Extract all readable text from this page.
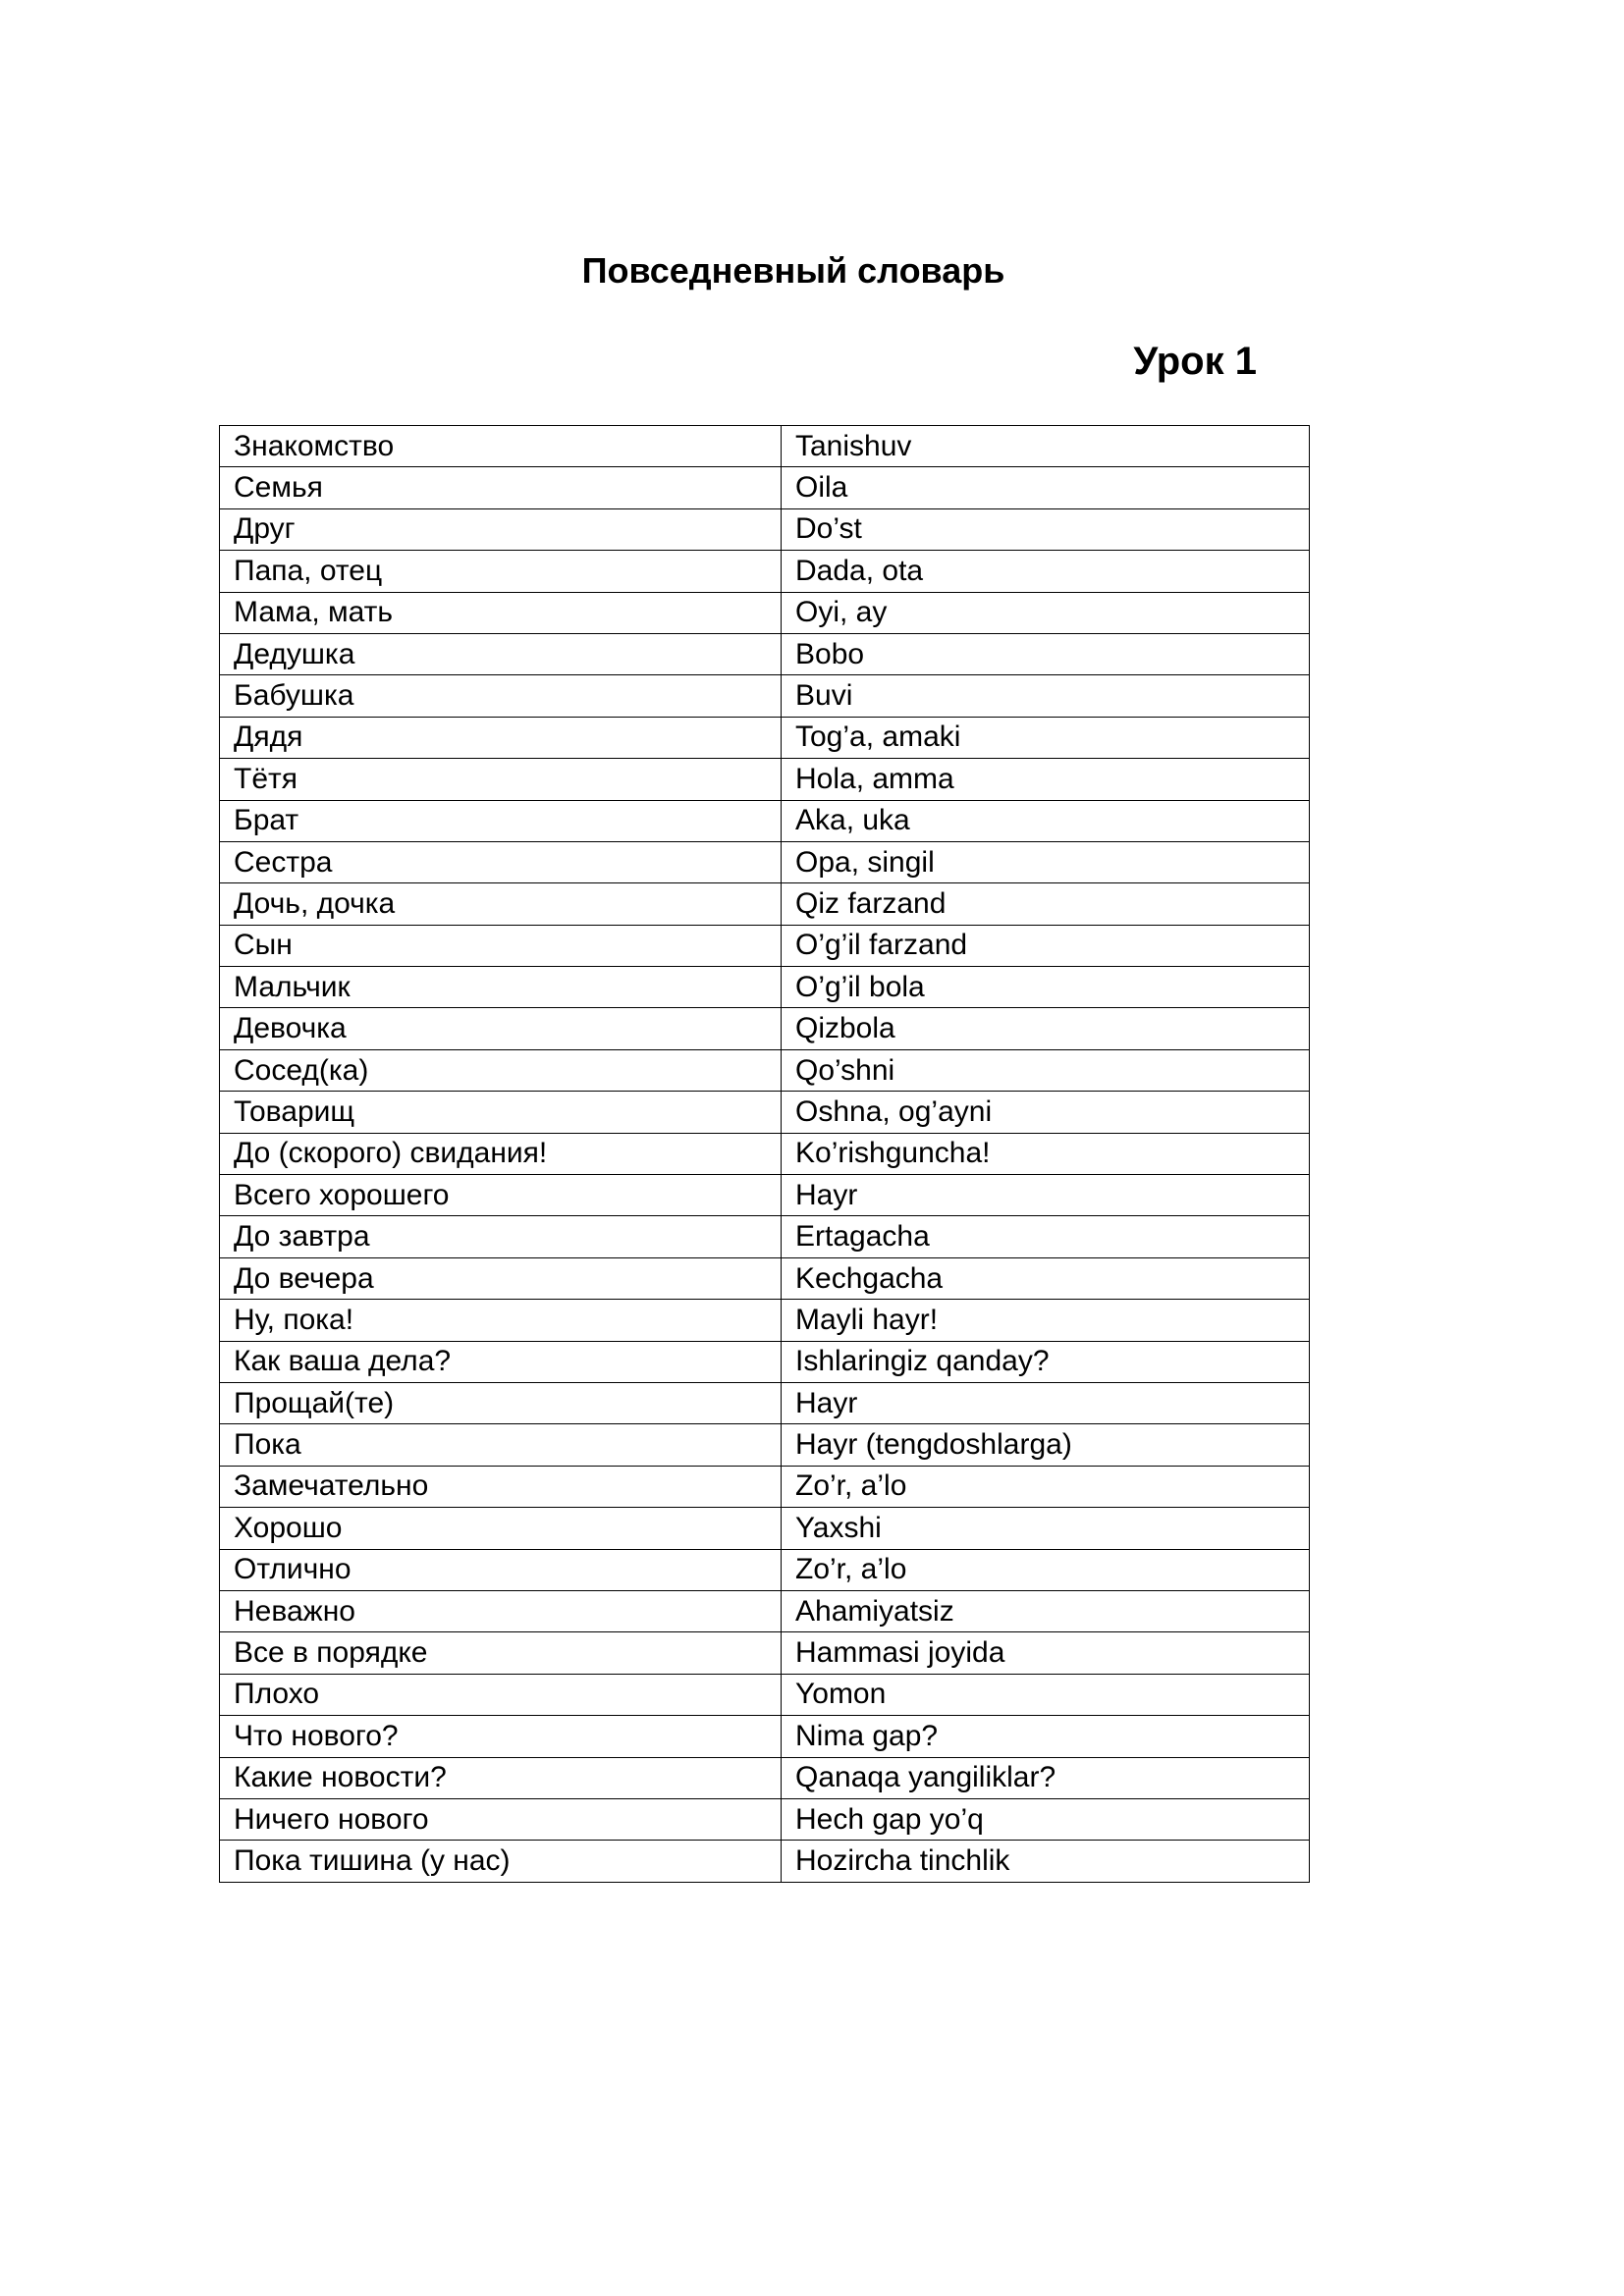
Повседневный словарь
Урок 1
Знакомство	Tanishuv
Семья	Oila
Друг	Do’st
Папа, отец	Dada, ota
Мама, мать	Oyi, ay
Дедушка	Bobo
Бабушка	Buvi
Дядя	Tog’a, amaki
Тётя	Hola, amma
Брат	Aka, uka
Сестра	Opa, singil
Дочь, дочка	Qiz farzand
Сын	O’g’il farzand
Мальчик	O’g’il bola
Девочка	Qizbola
Сосед(ка)	Qo’shni
Товарищ	Oshna, og’ayni
До (скорого) свидания!	Ko’rishguncha!
Всего хорошего	Hayr
До завтра	Ertagacha
До вечера	Kechgacha
Ну, пока!	Mayli hayr!
Как ваша дела?	Ishlaringiz qanday?
Прощай(те)	Hayr
Пока	Hayr (tengdoshlarga)
Замечательно	Zo’r, a’lo
Хорошо	Yaxshi
Отлично	Zo’r, a’lo
Неважно	Ahamiyatsiz
Все в порядке	Hammasi joyida
Плохо	Yomon
Что нового?	Nima gap?
Какие новости?	Qanaqa yangiliklar?
Ничего нового	Hech gap yo’q
Пока тишина (у нас)	Hozircha tinchlik
